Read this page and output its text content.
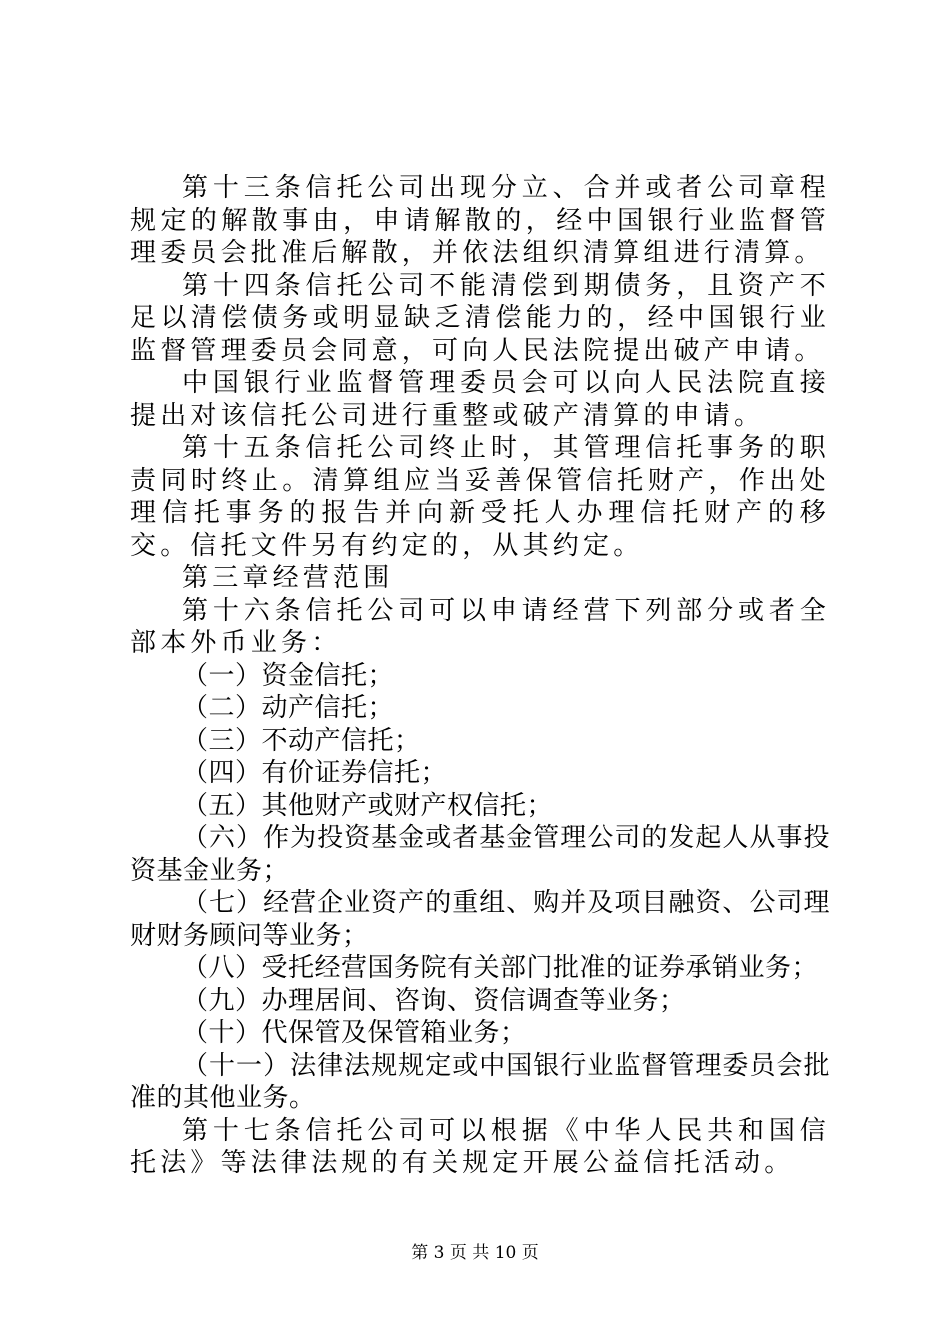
第十三条信托公司出现分立、合并或者公司章程规定的解散事由，申请解散的，经中国银行业监督管理委员会批准后解散，并依法组织清算组进行清算。

第十四条信托公司不能清偿到期债务，且资产不足以清偿债务或明显缺乏清偿能力的，经中国银行业监督管理委员会同意，可向人民法院提出破产申请。

中国银行业监督管理委员会可以向人民法院直接提出对该信托公司进行重整或破产清算的申请。

第十五条信托公司终止时，其管理信托事务的职责同时终止。清算组应当妥善保管信托财产，作出处理信托事务的报告并向新受托人办理信托财产的移交。信托文件另有约定的，从其约定。

第三章经营范围

第十六条信托公司可以申请经营下列部分或者全部本外币业务：

（一）资金信托；

（二）动产信托；

（三）不动产信托；

（四）有价证券信托；

（五）其他财产或财产权信托；

（六）作为投资基金或者基金管理公司的发起人从事投资基金业务；

（七）经营企业资产的重组、购并及项目融资、公司理财财务顾问等业务；

（八）受托经营国务院有关部门批准的证券承销业务；

（九）办理居间、咨询、资信调查等业务；

（十）代保管及保管箱业务；

（十一）法律法规规定或中国银行业监督管理委员会批准的其他业务。

第十七条信托公司可以根据《中华人民共和国信托法》等法律法规的有关规定开展公益信托活动。

第 3 页 共 10 页
